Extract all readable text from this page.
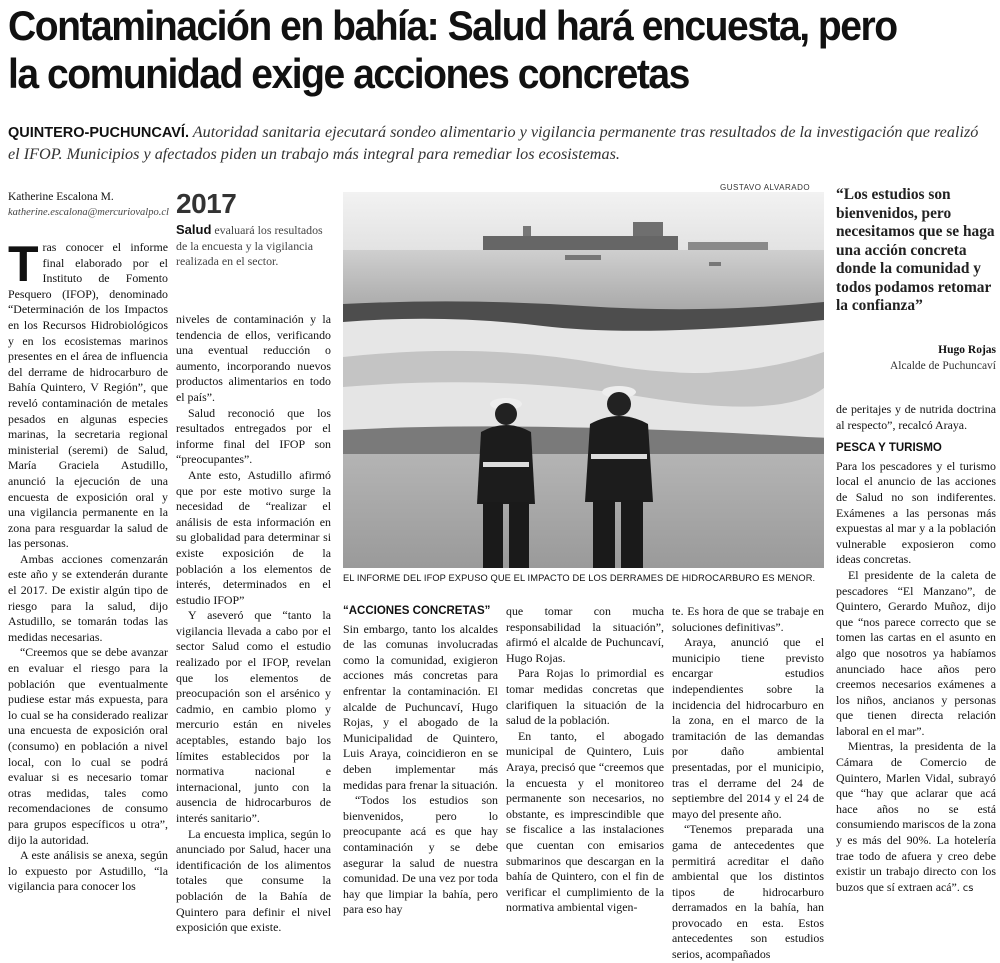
Contaminación en bahía: Salud hará encuesta, pero la comunidad exige acciones concretas
QUINTERO-PUCHUNCAVÍ. Autoridad sanitaria ejecutará sondeo alimentario y vigilancia permanente tras resultados de la investigación que realizó el IFOP. Municipios y afectados piden un trabajo más integral para remediar los ecosistemas.
Katherine Escalona M.
katherine.escalona@mercuriovalpo.cl

Tras conocer el informe final elaborado por el Instituto de Fomento Pesquero (IFOP), denominado “Determinación de los Impactos en los Recursos Hidrobiológicos y en los ecosistemas marinos presentes en el área de influencia del derrame de hidrocarburo de Bahía Quintero, V Región”, que reveló contaminación de metales pesados en algunas especies marinas, la secretaria regional ministerial (seremi) de Salud, María Graciela Astudillo, anunció la ejecución de una encuesta de exposición oral y una vigilancia permanente en la zona para resguardar la salud de las personas.

Ambas acciones comenzarán este año y se extenderán durante el 2017. De existir algún tipo de riesgo para la salud, dijo Astudillo, se tomarán todas las medidas necesarias.

“Creemos que se debe avanzar en evaluar el riesgo para la población que eventualmente pudiese estar más expuesta, para lo cual se ha considerado realizar una encuesta de exposición oral (consumo) en población a nivel local, con lo cual se podrá evaluar si es necesario tomar otras medidas, tales como recomendaciones de consumo para grupos específicos u otra”, dijo la autoridad.

A este análisis se anexa, según lo expuesto por Astudillo, “la vigilancia para conocer los

2017
Salud evaluará los resultados de la encuesta y la vigilancia realizada en el sector.

niveles de contaminación y la tendencia de ellos, verificando una eventual reducción o aumento, incorporando nuevos productos alimentarios en todo el país”.

Salud reconoció que los resultados entregados por el informe final del IFOP son “preocupantes”.

Ante esto, Astudillo afirmó que por este motivo surge la necesidad de “realizar el análisis de esta información en su globalidad para determinar si existe exposición de la población a los elementos de interés, determinados en el estudio IFOP”

Y aseveró que “tanto la vigilancia llevada a cabo por el sector Salud como el estudio realizado por el IFOP, revelan que los elementos de preocupación son el arsénico y cadmio, en cambio plomo y mercurio están en niveles aceptables, estando bajo los límites establecidos por la normativa nacional e internacional, junto con la ausencia de hidrocarburos de interés sanitario”.

La encuesta implica, según lo anunciado por Salud, hacer una identificación de los alimentos totales que consume la población de la Bahía de Quintero para definir el nivel exposición que existe.

GUSTAVO ALVARADO
EL INFORME DEL IFOP EXPUSO QUE EL IMPACTO DE LOS DERRAMES DE HIDROCARBURO ES MENOR.

“ACCIONES CONCRETAS”

Sin embargo, tanto los alcaldes de las comunas involucradas como la comunidad, exigieron acciones más concretas para enfrentar la contaminación. El alcalde de Puchuncaví, Hugo Rojas, y el abogado de la Municipalidad de Quintero, Luis Araya, coincidieron en se deben implementar más medidas para frenar la situación.

“Todos los estudios son bienvenidos, pero lo preocupante acá es que hay contaminación y se debe asegurar la salud de nuestra comunidad. De una vez por toda hay que limpiar la bahía, pero para eso hay

que tomar con mucha responsabilidad la situación”, afirmó el alcalde de Puchuncaví, Hugo Rojas.

Para Rojas lo primordial es tomar medidas concretas que clarifiquen la situación de la salud de la población.

En tanto, el abogado municipal de Quintero, Luis Araya, precisó que “creemos que la encuesta y el monitoreo permanente son necesarios, no obstante, es imprescindible que se fiscalice a las instalaciones que cuentan con emisarios submarinos que descargan en la bahía de Quintero, con el fin de verificar el cumplimiento de la normativa ambiental vigen-

te. Es hora de que se trabaje en soluciones definitivas”.

Araya, anunció que el municipio tiene previsto encargar estudios independientes sobre la incidencia del hidrocarburo en la zona, en el marco de la tramitación de las demandas por daño ambiental presentadas, por el municipio, tras el derrame del 24 de septiembre del 2014 y el 24 de mayo del presente año.

“Tenemos preparada una gama de antecedentes que permitirá acreditar el daño ambiental que los distintos tipos de hidrocarburo derramados en la bahía, han provocado en esta. Estos antecedentes son estudios serios, acompañados

“Los estudios son bienvenidos, pero necesitamos que se haga una acción concreta donde la comunidad y todos podamos retomar la confianza”
Hugo Rojas
Alcalde de Puchuncaví

de peritajes y de nutrida doctrina al respecto”, recalcó Araya.

PESCA Y TURISMO

Para los pescadores y el turismo local el anuncio de las acciones de Salud no son indiferentes. Exámenes a las personas más expuestas al mar y a la población vulnerable exposieron como ideas concretas.

El presidente de la caleta de pescadores “El Manzano”, de Quintero, Gerardo Muñoz, dijo que “nos parece correcto que se tomen las cartas en el asunto en algo que nosotros ya habíamos anunciado hace años pero creemos necesarios exámenes a los niños, ancianos y personas que tienen directa relación laboral en el mar”.

Mientras, la presidenta de la Cámara de Comercio de Quintero, Marlen Vidal, subrayó que “hay que aclarar que acá hace años no se está consumiendo mariscos de la zona y es más del 90%. La hotelería trae todo de afuera y creo debe existir un trabajo directo con los buzos que sí extraen acá”. cs
